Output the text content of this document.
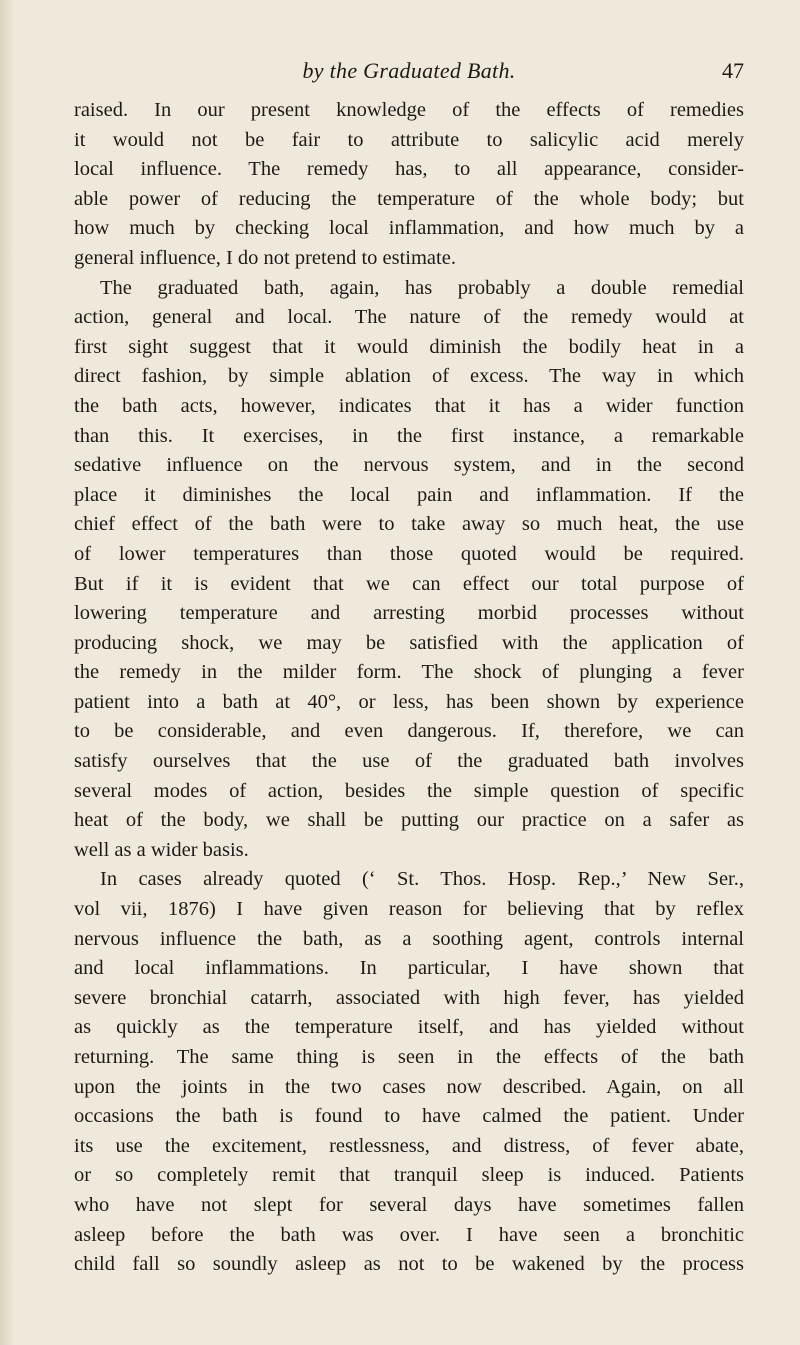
by the Graduated Bath.	47
raised. In our present knowledge of the effects of remedies
it would not be fair to attribute to salicylic acid merely
local influence. The remedy has, to all appearance, consider-
able power of reducing the temperature of the whole body; but
how much by checking local inflammation, and how much by a
general influence, I do not pretend to estimate.
The graduated bath, again, has probably a double remedial
action, general and local. The nature of the remedy would at
first sight suggest that it would diminish the bodily heat in a
direct fashion, by simple ablation of excess. The way in which
the bath acts, however, indicates that it has a wider function
than this. It exercises, in the first instance, a remarkable
sedative influence on the nervous system, and in the second
place it diminishes the local pain and inflammation. If the
chief effect of the bath were to take away so much heat, the use
of lower temperatures than those quoted would be required.
But if it is evident that we can effect our total purpose of
lowering temperature and arresting morbid processes without
producing shock, we may be satisfied with the application of
the remedy in the milder form. The shock of plunging a fever
patient into a bath at 40°, or less, has been shown by experience
to be considerable, and even dangerous. If, therefore, we can
satisfy ourselves that the use of the graduated bath involves
several modes of action, besides the simple question of specific
heat of the body, we shall be putting our practice on a safer as
well as a wider basis.
In cases already quoted (‘ St. Thos. Hosp. Rep.,’ New Ser.,
vol vii, 1876) I have given reason for believing that by reflex
nervous influence the bath, as a soothing agent, controls internal
and local inflammations. In particular, I have shown that
severe bronchial catarrh, associated with high fever, has yielded
as quickly as the temperature itself, and has yielded without
returning. The same thing is seen in the effects of the bath
upon the joints in the two cases now described. Again, on all
occasions the bath is found to have calmed the patient. Under
its use the excitement, restlessness, and distress, of fever abate,
or so completely remit that tranquil sleep is induced. Patients
who have not slept for several days have sometimes fallen
asleep before the bath was over. I have seen a bronchitic
child fall so soundly asleep as not to be wakened by the process
